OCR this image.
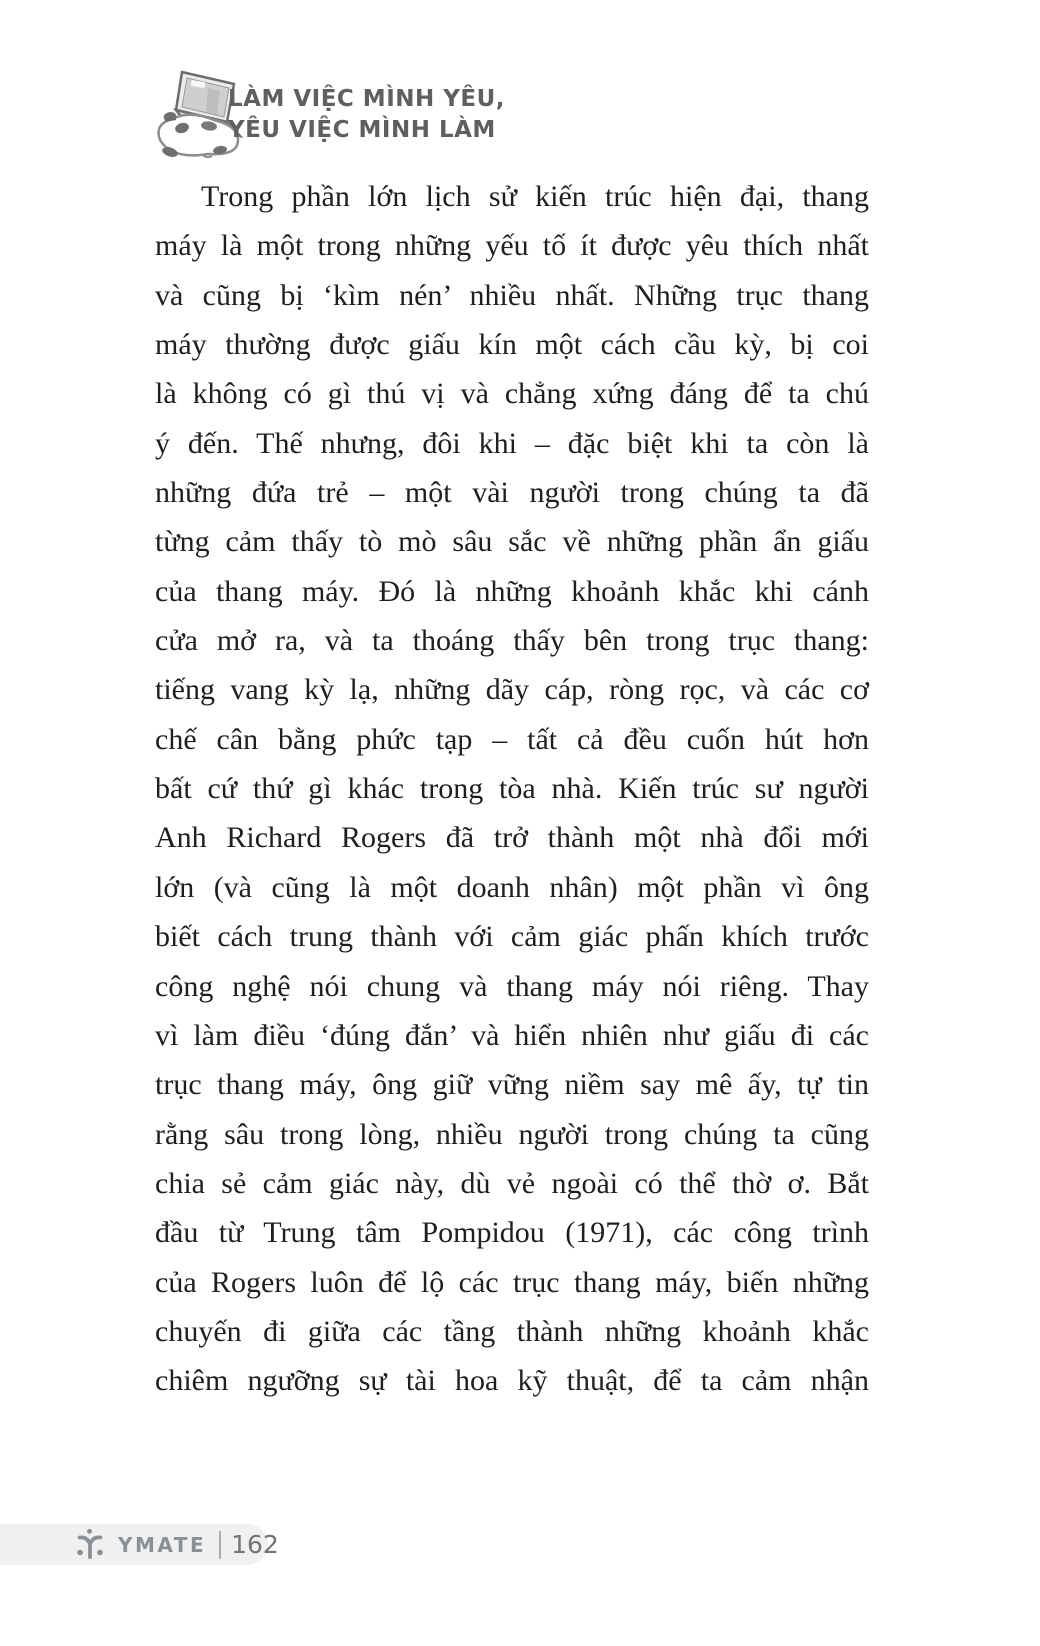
LÀM VIỆC MÌNH YÊU,
YÊU VIỆC MÌNH LÀM
Trong phần lớn lịch sử kiến trúc hiện đại, thang
máy là một trong những yếu tố ít được yêu thích nhất
và cũng bị ‘kìm nén’ nhiều nhất. Những trục thang
máy thường được giấu kín một cách cầu kỳ, bị coi
là không có gì thú vị và chẳng xứng đáng để ta chú
ý đến. Thế nhưng, đôi khi – đặc biệt khi ta còn là
những đứa trẻ – một vài người trong chúng ta đã
từng cảm thấy tò mò sâu sắc về những phần ẩn giấu
của thang máy. Đó là những khoảnh khắc khi cánh
cửa mở ra, và ta thoáng thấy bên trong trục thang:
tiếng vang kỳ lạ, những dãy cáp, ròng rọc, và các cơ
chế cân bằng phức tạp – tất cả đều cuốn hút hơn
bất cứ thứ gì khác trong tòa nhà. Kiến trúc sư người
Anh Richard Rogers đã trở thành một nhà đổi mới
lớn (và cũng là một doanh nhân) một phần vì ông
biết cách trung thành với cảm giác phấn khích trước
công nghệ nói chung và thang máy nói riêng. Thay
vì làm điều ‘đúng đắn’ và hiển nhiên như giấu đi các
trục thang máy, ông giữ vững niềm say mê ấy, tự tin
rằng sâu trong lòng, nhiều người trong chúng ta cũng
chia sẻ cảm giác này, dù vẻ ngoài có thể thờ ơ. Bắt
đầu từ Trung tâm Pompidou (1971), các công trình
của Rogers luôn để lộ các trục thang máy, biến những
chuyến đi giữa các tầng thành những khoảnh khắc
chiêm ngưỡng sự tài hoa kỹ thuật, để ta cảm nhận
YMATE 162
